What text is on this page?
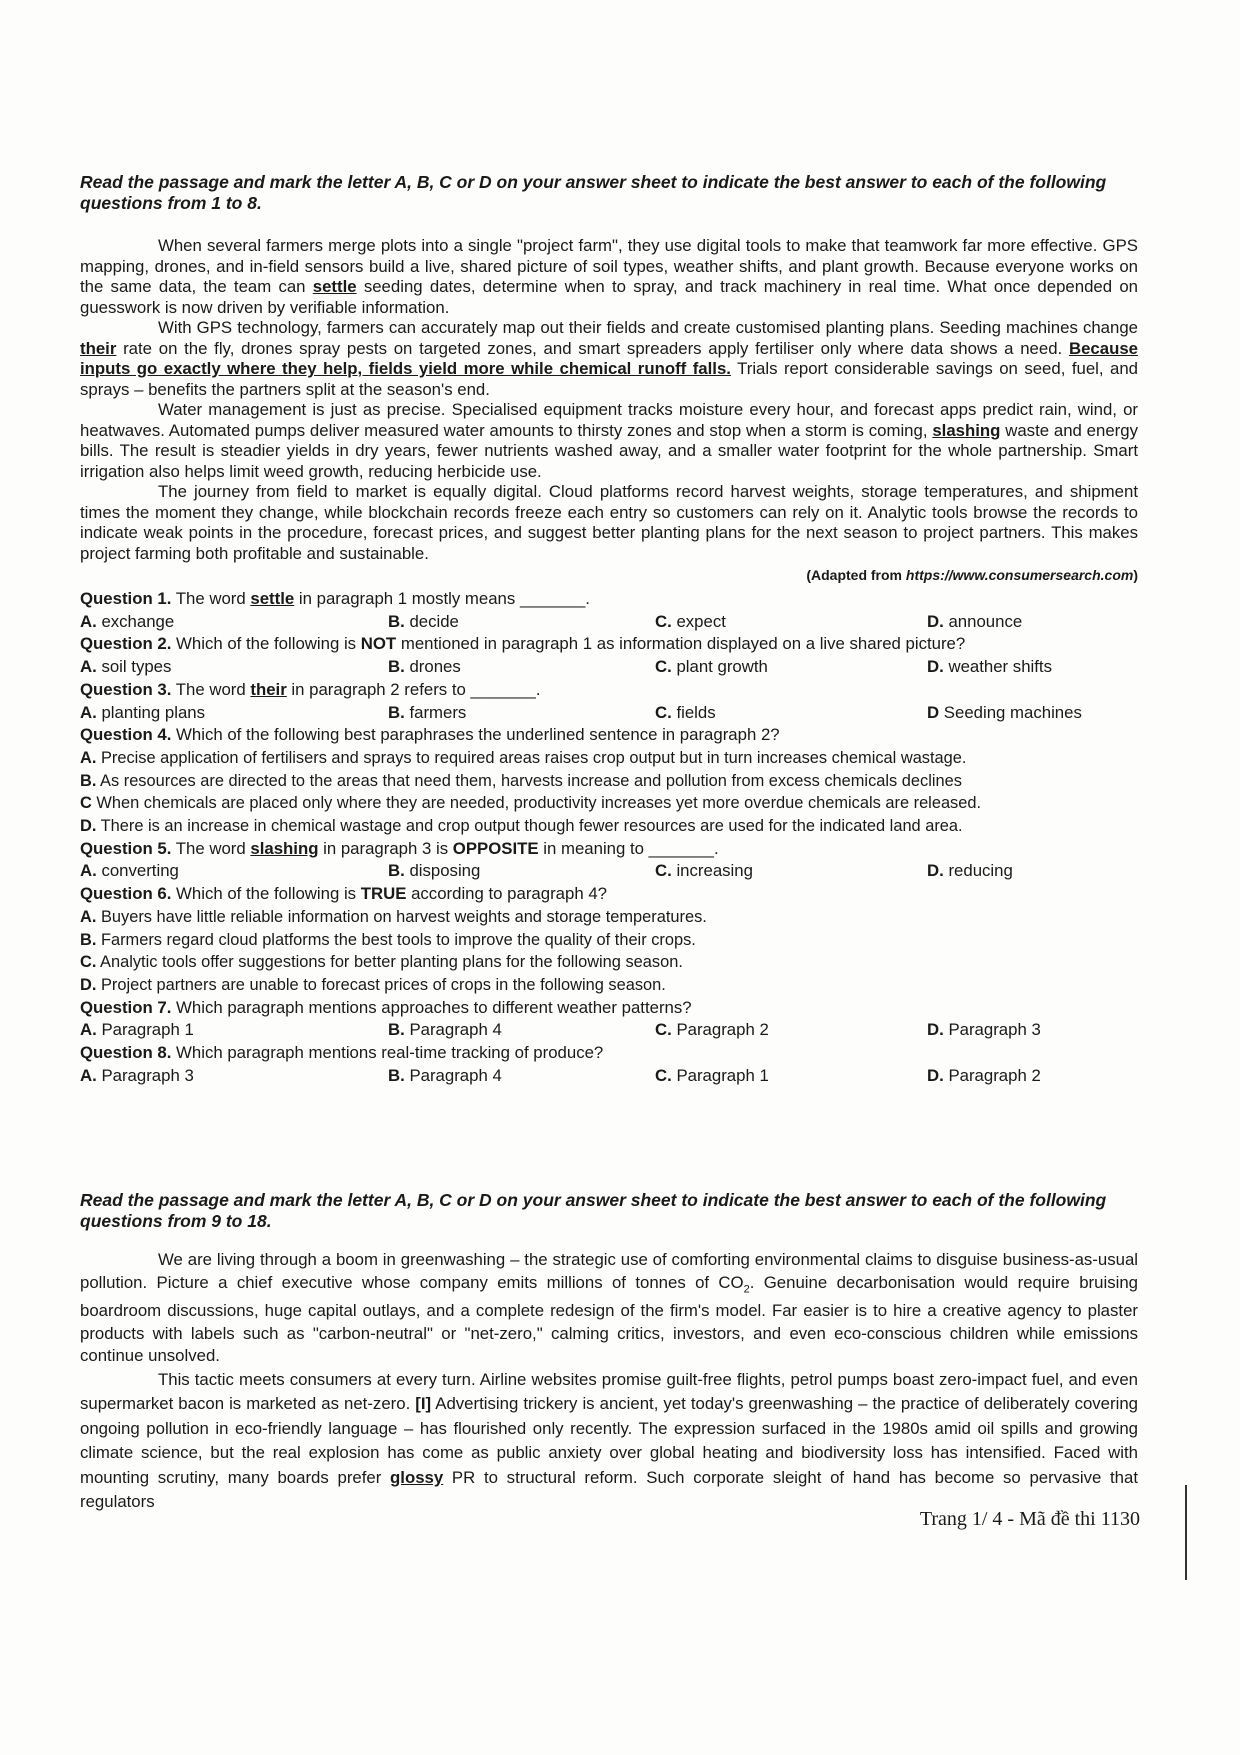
Read the passage and mark the letter A, B, C or D on your answer sheet to indicate the best answer to each of the following questions from 1 to 8.

When several farmers merge plots into a single "project farm", they use digital tools to make that teamwork far more effective. GPS mapping, drones, and in-field sensors build a live, shared picture of soil types, weather shifts, and plant growth. Because everyone works on the same data, the team can settle seeding dates, determine when to spray, and track machinery in real time. What once depended on guesswork is now driven by verifiable information.

With GPS technology, farmers can accurately map out their fields and create customised planting plans. Seeding machines change their rate on the fly, drones spray pests on targeted zones, and smart spreaders apply fertiliser only where data shows a need. Because inputs go exactly where they help, fields yield more while chemical runoff falls. Trials report considerable savings on seed, fuel, and sprays – benefits the partners split at the season's end.

Water management is just as precise. Specialised equipment tracks moisture every hour, and forecast apps predict rain, wind, or heatwaves. Automated pumps deliver measured water amounts to thirsty zones and stop when a storm is coming, slashing waste and energy bills. The result is steadier yields in dry years, fewer nutrients washed away, and a smaller water footprint for the whole partnership. Smart irrigation also helps limit weed growth, reducing herbicide use.

The journey from field to market is equally digital. Cloud platforms record harvest weights, storage temperatures, and shipment times the moment they change, while blockchain records freeze each entry so customers can rely on it. Analytic tools browse the records to indicate weak points in the procedure, forecast prices, and suggest better planting plans for the next season to project partners. This makes project farming both profitable and sustainable.

(Adapted from https://www.consumersearch.com)

Question 1. The word settle in paragraph 1 mostly means _______.

A. exchange	B. decide	C. expect	D. announce

Question 2. Which of the following is NOT mentioned in paragraph 1 as information displayed on a live shared picture?

A. soil types	B. drones	C. plant growth	D. weather shifts

Question 3. The word their in paragraph 2 refers to _______.

A. planting plans	B. farmers	C. fields	D Seeding machines

Question 4. Which of the following best paraphrases the underlined sentence in paragraph 2?

A. Precise application of fertilisers and sprays to required areas raises crop output but in turn increases chemical wastage.

B. As resources are directed to the areas that need them, harvests increase and pollution from excess chemicals declines

C When chemicals are placed only where they are needed, productivity increases yet more overdue chemicals are released.

D. There is an increase in chemical wastage and crop output though fewer resources are used for the indicated land area.

Question 5. The word slashing in paragraph 3 is OPPOSITE in meaning to _______.

A. converting	B. disposing	C. increasing	D. reducing

Question 6. Which of the following is TRUE according to paragraph 4?

A. Buyers have little reliable information on harvest weights and storage temperatures.

B. Farmers regard cloud platforms the best tools to improve the quality of their crops.

C. Analytic tools offer suggestions for better planting plans for the following season.

D. Project partners are unable to forecast prices of crops in the following season.

Question 7. Which paragraph mentions approaches to different weather patterns?

A. Paragraph 1	B. Paragraph 4	C. Paragraph 2	D. Paragraph 3

Question 8. Which paragraph mentions real-time tracking of produce?

A. Paragraph 3	B. Paragraph 4	C. Paragraph 1	D. Paragraph 2

Read the passage and mark the letter A, B, C or D on your answer sheet to indicate the best answer to each of the following questions from 9 to 18.

We are living through a boom in greenwashing – the strategic use of comforting environmental claims to disguise business-as-usual pollution. Picture a chief executive whose company emits millions of tonnes of $CO_2$. Genuine decarbonisation would require bruising boardroom discussions, huge capital outlays, and a complete redesign of the firm's model. Far easier is to hire a creative agency to plaster products with labels such as "carbon-neutral" or "net-zero," calming critics, investors, and even eco-conscious children while emissions continue unsolved.

This tactic meets consumers at every turn. Airline websites promise guilt-free flights, petrol pumps boast zero-impact fuel, and even supermarket bacon is marketed as net-zero. [I] Advertising trickery is ancient, yet today's greenwashing – the practice of deliberately covering ongoing pollution in eco-friendly language – has flourished only recently. The expression surfaced in the 1980s amid oil spills and growing climate science, but the real explosion has come as public anxiety over global heating and biodiversity loss has intensified. Faced with mounting scrutiny, many boards prefer glossy PR to structural reform. Such corporate sleight of hand has become so pervasive that regulators

Trang 1/ 4 - Mã đề thi 1130
